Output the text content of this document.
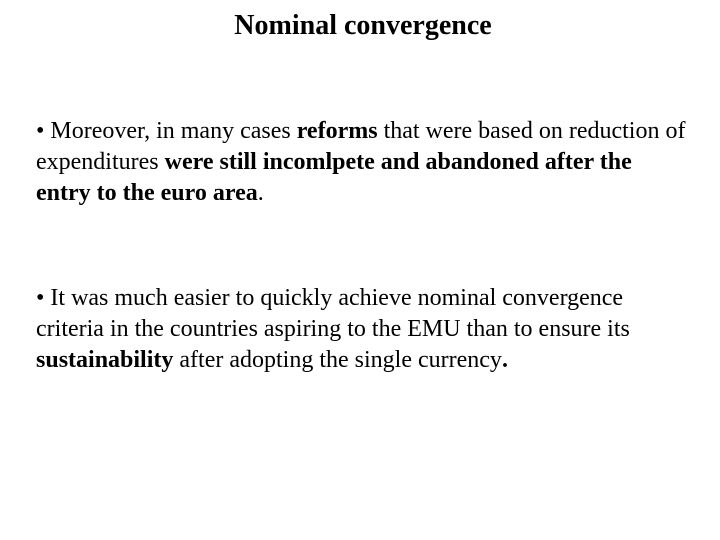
Nominal convergence

• Moreover, in many cases reforms that were based on reduction of expenditures were still incomlpete and abandoned after the entry to the euro area.

• It was much easier to quickly achieve nominal convergence criteria in the countries aspiring to the EMU than to ensure its sustainability after adopting the single currency.
